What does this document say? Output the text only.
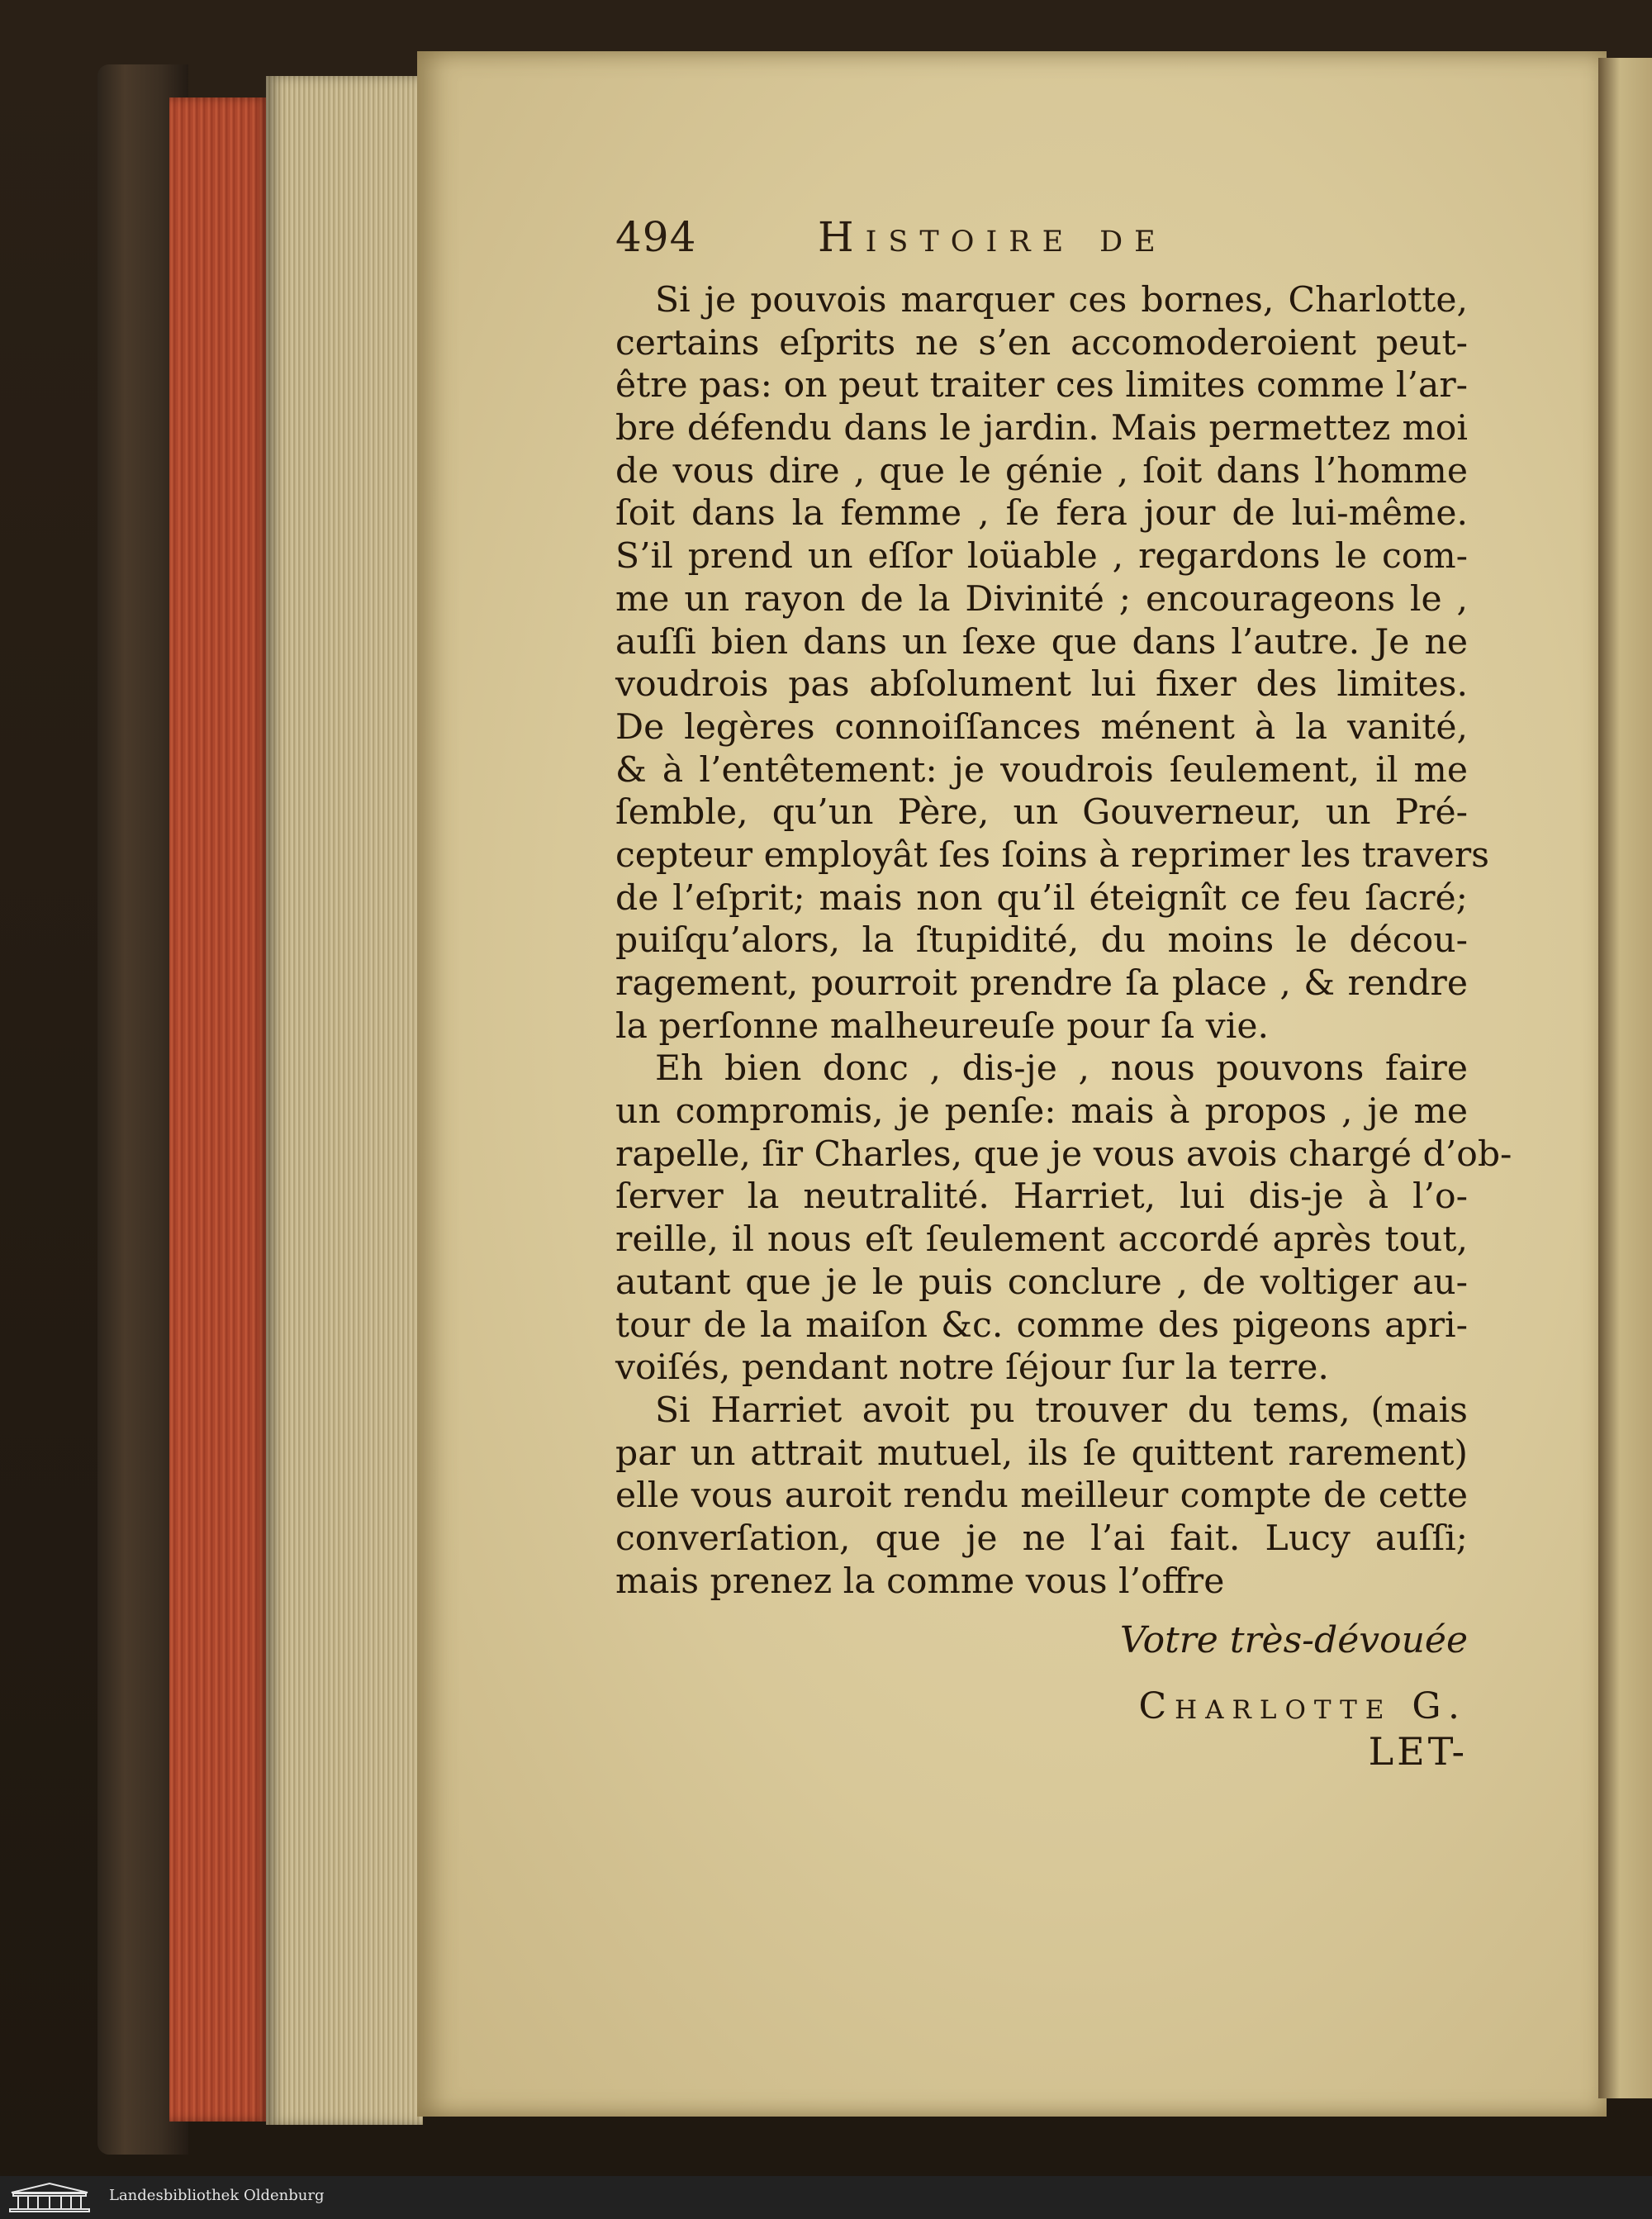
494	Histoire de
Si je pouvois marquer ces bornes, Charlotte,
certains eſprits ne s’en accomoderoient peut-
être pas: on peut traiter ces limites comme l’ar-
bre défendu dans le jardin. Mais permettez moi
de vous dire , que le génie , ſoit dans l’homme
ſoit dans la femme , ſe fera jour de lui-même.
S’il prend un eſſor loüable , regardons le com-
me un rayon de la Divinité ; encourageons le ,
auſſi bien dans un ſexe que dans l’autre. Je ne
voudrois pas abſolument lui fixer des limites.
De legères connoiſſances ménent à la vanité,
& à l’entêtement: je voudrois ſeulement, il me
ſemble, qu’un Père, un Gouverneur, un Pré-
cepteur employât ſes ſoins à reprimer les travers
de l’eſprit; mais non qu’il éteignît ce feu ſacré;
puiſqu’alors, la ſtupidité, du moins le décou-
ragement, pourroit prendre ſa place , & rendre
la perſonne malheureuſe pour ſa vie.
Eh bien donc , dis-je , nous pouvons faire
un compromis, je penſe: mais à propos , je me
rapelle, ſir Charles, que je vous avois chargé d’ob-
ſerver la neutralité. Harriet, lui dis-je à l’o-
reille, il nous eſt ſeulement accordé après tout,
autant que je le puis conclure , de voltiger au-
tour de la maiſon &c. comme des pigeons apri-
voiſés, pendant notre ſéjour ſur la terre.
Si Harriet avoit pu trouver du tems, (mais
par un attrait mutuel, ils ſe quittent rarement)
elle vous auroit rendu meilleur compte de cette
converſation, que je ne l’ai fait. Lucy auſſi;
mais prenez la comme vous l’offre
Votre très-dévouée
Charlotte G.
LET-
Landesbibliothek Oldenburg
